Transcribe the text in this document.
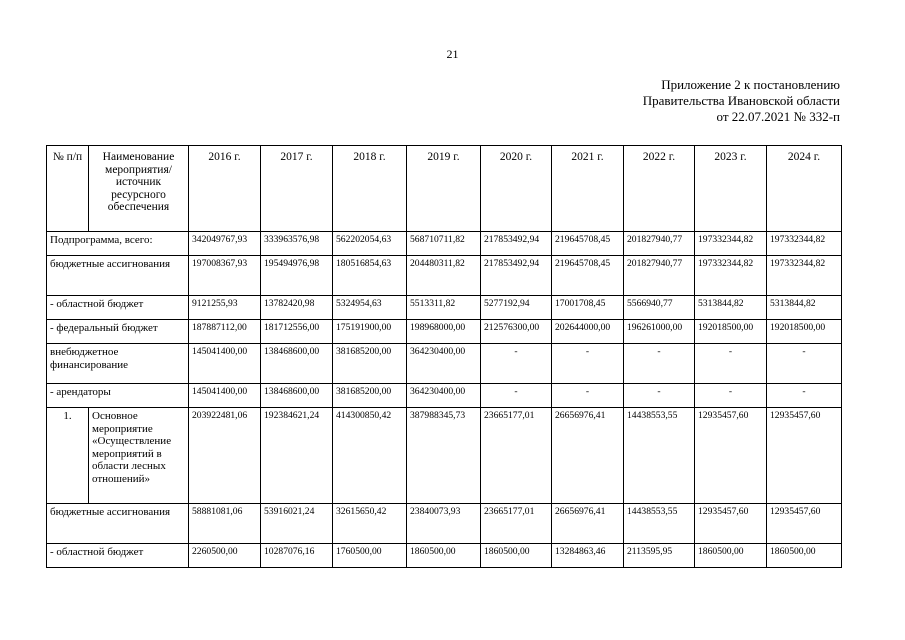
21
Приложение 2 к постановлению
Правительства Ивановской области
от 22.07.2021 № 332-п
№ п/п	Наименование мероприятия/ источник ресурсного обеспечения	2016 г.	2017 г.	2018 г.	2019 г.	2020 г.	2021 г.	2022 г.	2023 г.	2024 г.
Подпрограмма, всего:		342049767,93	333963576,98	562202054,63	568710711,82	217853492,94	219645708,45	201827940,77	197332344,82	197332344,82
бюджетные ассигнования		197008367,93	195494976,98	180516854,63	204480311,82	217853492,94	219645708,45	201827940,77	197332344,82	197332344,82
- областной бюджет		9121255,93	13782420,98	5324954,63	5513311,82	5277192,94	17001708,45	5566940,77	5313844,82	5313844,82
- федеральный бюджет		187887112,00	181712556,00	175191900,00	198968000,00	212576300,00	202644000,00	196261000,00	192018500,00	192018500,00
внебюджетное финансирование		145041400,00	138468600,00	381685200,00	364230400,00	-	-	-	-	-
- арендаторы		145041400,00	138468600,00	381685200,00	364230400,00	-	-	-	-	-
1.	Основное мероприятие «Осуществление мероприятий в области лесных отношений»	203922481,06	192384621,24	414300850,42	387988345,73	23665177,01	26656976,41	14438553,55	12935457,60	12935457,60
бюджетные ассигнования		58881081,06	53916021,24	32615650,42	23840073,93	23665177,01	26656976,41	14438553,55	12935457,60	12935457,60
- областной бюджет		2260500,00	10287076,16	1760500,00	1860500,00	1860500,00	13284863,46	2113595,95	1860500,00	1860500,00
